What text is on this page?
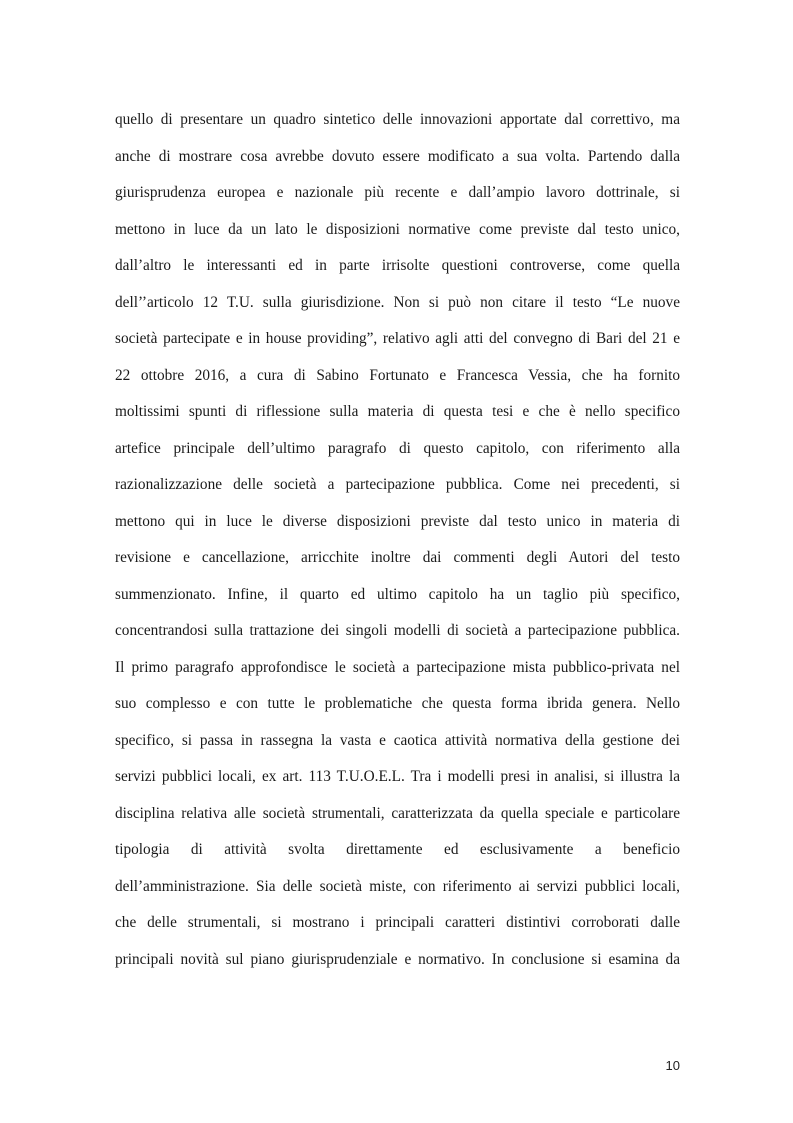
quello di presentare un quadro sintetico delle innovazioni apportate dal correttivo, ma
anche di mostrare cosa avrebbe dovuto essere modificato a sua volta. Partendo dalla
giurisprudenza europea e nazionale più recente e dall’ampio lavoro dottrinale, si
mettono in luce da un lato le disposizioni normative come previste dal testo unico,
dall’altro le interessanti ed in parte irrisolte questioni controverse, come quella
dell’’articolo 12 T.U. sulla giurisdizione. Non si può non citare il testo “Le nuove
società partecipate e in house providing”, relativo agli atti del convegno di Bari del 21 e
22 ottobre 2016, a cura di Sabino Fortunato e Francesca Vessia, che ha fornito
moltissimi spunti di riflessione sulla materia di questa tesi e che è nello specifico
artefice principale dell’ultimo paragrafo di questo capitolo, con riferimento alla
razionalizzazione delle società a partecipazione pubblica. Come nei precedenti, si
mettono qui in luce le diverse disposizioni previste dal testo unico in materia di
revisione e cancellazione, arricchite inoltre dai commenti degli Autori del testo
summenzionato. Infine, il quarto ed ultimo capitolo ha un taglio più specifico,
concentrandosi sulla trattazione dei singoli modelli di società a partecipazione pubblica.
Il primo paragrafo approfondisce le società a partecipazione mista pubblico-privata nel
suo complesso e con tutte le problematiche che questa forma ibrida genera. Nello
specifico, si passa in rassegna la vasta e caotica attività normativa della gestione dei
servizi pubblici locali, ex art. 113 T.U.O.E.L. Tra i modelli presi in analisi, si illustra la
disciplina relativa alle società strumentali, caratterizzata da quella speciale e particolare
tipologia di attività svolta direttamente ed esclusivamente a beneficio
dell’amministrazione. Sia delle società miste, con riferimento ai servizi pubblici locali,
che delle strumentali, si mostrano i principali caratteri distintivi corroborati dalle
principali novità sul piano giurisprudenziale e normativo. In conclusione si esamina da
10
